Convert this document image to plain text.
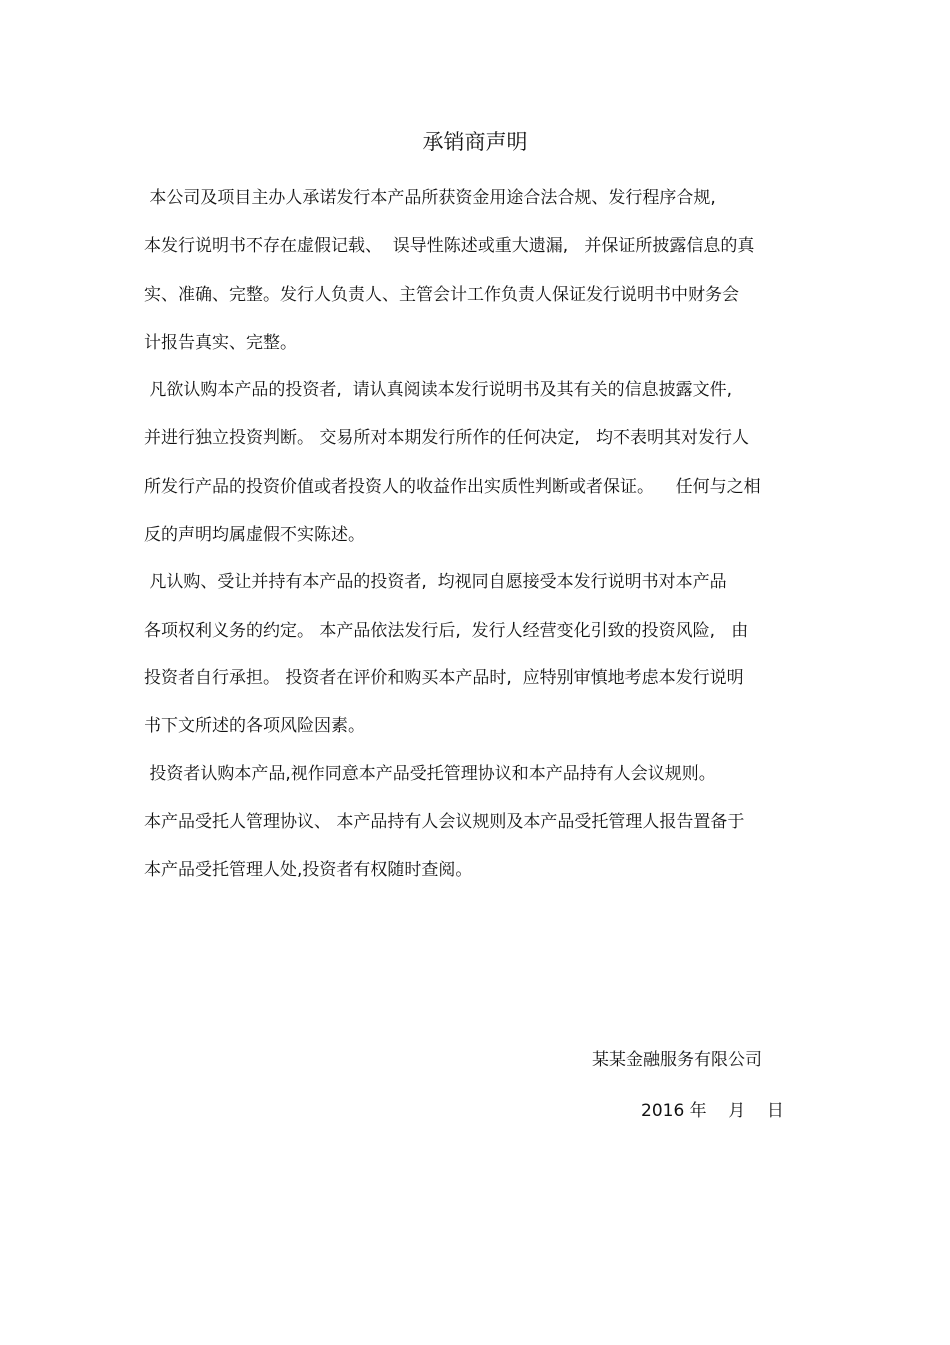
承销商声明
本公司及项目主办人承诺发行本产品所获资金用途合法合规、发行程序合规,
本发行说明书不存在虚假记载、  误导性陈述或重大遗漏,   并保证所披露信息的真
实、准确、完整。发行人负责人、主管会计工作负责人保证发行说明书中财务会
计报告真实、完整。
凡欲认购本产品的投资者,  请认真阅读本发行说明书及其有关的信息披露文件,
并进行独立投资判断。 交易所对本期发行所作的任何决定,   均不表明其对发行人
所发行产品的投资价值或者投资人的收益作出实质性判断或者保证。    任何与之相
反的声明均属虚假不实陈述。
凡认购、受让并持有本产品的投资者,  均视同自愿接受本发行说明书对本产品
各项权利义务的约定。 本产品依法发行后,  发行人经营变化引致的投资风险,   由
投资者自行承担。 投资者在评价和购买本产品时,  应特别审慎地考虑本发行说明
书下文所述的各项风险因素。
投资者认购本产品,视作同意本产品受托管理协议和本产品持有人会议规则。
本产品受托人管理协议、 本产品持有人会议规则及本产品受托管理人报告置备于
本产品受托管理人处,投资者有权随时查阅。
某某金融服务有限公司
2016 年    月    日
